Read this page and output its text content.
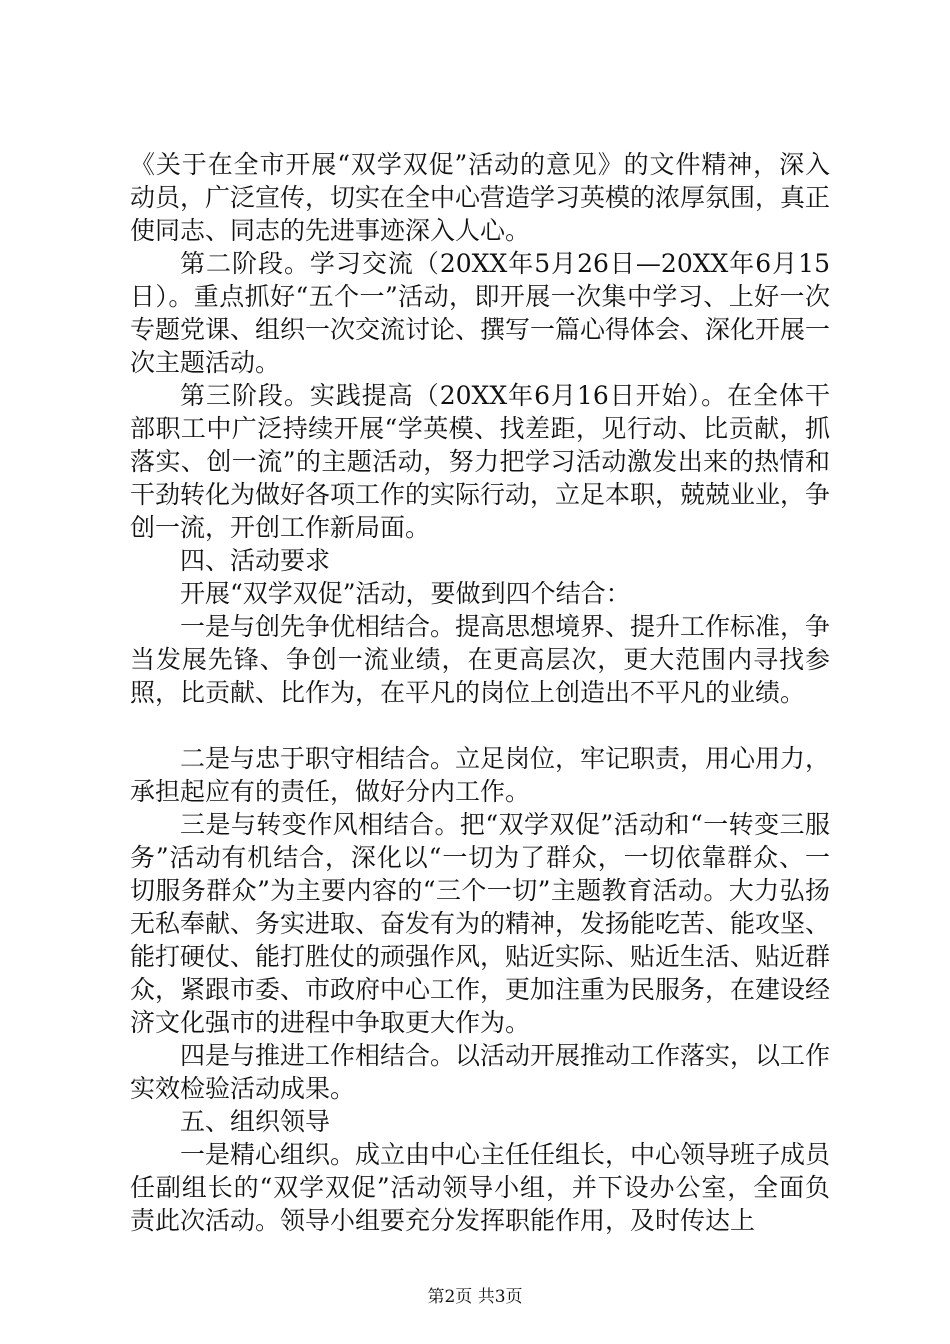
《关于在全市开展“双学双促”活动的意见》的文件精神，深入动员，广泛宣传，切实在全中心营造学习英模的浓厚氛围，真正使同志、同志的先进事迹深入人心。

第二阶段。学习交流（20XX年5月26日—20XX年6月15日）。重点抓好“五个一”活动，即开展一次集中学习、上好一次专题党课、组织一次交流讨论、撰写一篇心得体会、深化开展一次主题活动。

第三阶段。实践提高（20XX年6月16日开始）。在全体干部职工中广泛持续开展“学英模、找差距，见行动、比贡献，抓落实、创一流”的主题活动，努力把学习活动激发出来的热情和干劲转化为做好各项工作的实际行动，立足本职，兢兢业业，争创一流，开创工作新局面。

四、活动要求

开展“双学双促”活动，要做到四个结合：

一是与创先争优相结合。提高思想境界、提升工作标准，争当发展先锋、争创一流业绩，在更高层次，更大范围内寻找参照，比贡献、比作为，在平凡的岗位上创造出不平凡的业绩。

二是与忠于职守相结合。立足岗位，牢记职责，用心用力，承担起应有的责任，做好分内工作。

三是与转变作风相结合。把“双学双促”活动和“一转变三服务”活动有机结合，深化以“一切为了群众，一切依靠群众、一切服务群众”为主要内容的“三个一切”主题教育活动。大力弘扬无私奉献、务实进取、奋发有为的精神，发扬能吃苦、能攻坚、能打硬仗、能打胜仗的顽强作风，贴近实际、贴近生活、贴近群众，紧跟市委、市政府中心工作，更加注重为民服务，在建设经济文化强市的进程中争取更大作为。

四是与推进工作相结合。以活动开展推动工作落实，以工作实效检验活动成果。

五、组织领导

一是精心组织。成立由中心主任任组长，中心领导班子成员任副组长的“双学双促”活动领导小组，并下设办公室，全面负责此次活动。领导小组要充分发挥职能作用，及时传达上

第2页 共3页
